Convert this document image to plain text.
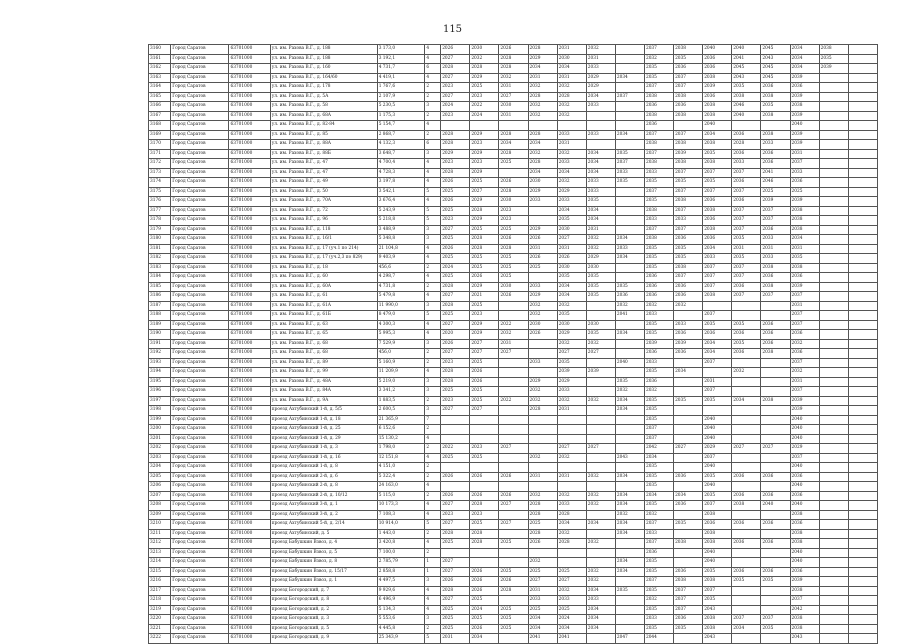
115
3160	Город Саратов	63701000	ул. им. Рахова В.Г., д. 188	3 173,0	4	2026	2030	2026	2028	2031	2032		2037	2038	2040	2040	2045	2034	2038	
3161	Город Саратов	63701000	ул. им. Рахова В.Г., д. 188	3 192,1	4	2027	2032	2028	2029	2030	2031		2032	2035	2036	2041	2043	2034	2035	
3162	Город Саратов	63701000	ул. им. Рахова В.Г., д. 160	4 731,7	6	2028	2028	2028	2034	2034	2033		2035	2036	2036	2045	2045	2034	2039	
3163	Город Саратов	63701000	ул. им. Рахова В.Г., д. 164/60	4 419,1	4	2027	2029	2032	2031	2031	2029	2034	2035	2037	2038	2043	2045	2039		
3164	Город Саратов	63701000	ул. им. Рахова В.Г., д. 178	1 767,6	2	2023	2025	2031	2032	2032	2029		2037	2037	2039	2035	2036	2036		
3165	Город Саратов	63701000	ул. им. Рахова В.Г., д. 5А	2 107,9	2	2027	2023	2027	2028	2028	2034	2037	2038	2038	2036	2038	2038	2039		
3166	Город Саратов	63701000	ул. им. Рахова В.Г., д. 58	5 230,5	3	2024	2022	2030	2032	2032	2033		2036	2036	2038	2046	2035	2038		
3167	Город Саратов	63701000	ул. им. Рахова В.Г., д. 68А	1 175,3	2	2023	2024	2031	2032	2032			2038	2038	2038	2040	2038	2039		
3168	Город Саратов	63701000	ул. им. Рахова В.Г., д. 82-84	5 154,7	4								2036		2040			2040		
3169	Город Саратов	63701000	ул. им. Рахова В.Г., д. 85	2 868,7	2	2028	2029	2028	2028	2033	2033	2034	2037	2037	2034	2036	2038	2039		
3170	Город Саратов	63701000	ул. им. Рахова В.Г., д. 88А	4 132,3	6	2028	2023	2034	2034	2031			2038	2038	2038	2028	2033	2039		
3171	Город Саратов	63701000	ул. им. Рахова В.Г., д. 88Б	3 648,7	3	2029	2029	2028	2032	2032	2034	2035	2037	2039	2035	2036	2036	2031		
3172	Город Саратов	63701000	ул. им. Рахова В.Г., д. 47	4 700,4	4	2023	2023	2025	2028	2033	2034	2037	2038	2038	2038	2033	2036	2037		
3173	Город Саратов	63701000	ул. им. Рахова В.Г., д. 47	4 728,3	4	2028	2029		2034	2034	2034	2033	2033	2037	2037	2037	2041	2033		
3174	Город Саратов	63701000	ул. им. Рахова В.Г., д. 49	3 197,8	4	2026	2025	2026	2030	2032	2033	2035	2035	2035	2035	2036	2046	2036		
3175	Город Саратов	63701000	ул. им. Рахова В.Г., д. 50	3 542,1	5	2025	2027	2028	2029	2029	2033		2037	2037	2037	2037	2025	2025		
3176	Город Саратов	63701000	ул. им. Рахова В.Г., д. 70А	3 676,4	4	2026	2029	2030	2033	2033	2035		2035	2038	2036	2036	2039	2039		
3177	Город Саратов	63701000	ул. им. Рахова В.Г., д. 72	5 243,9	5	2025	2028	2023		2034	2034		2038	2037	2038	2037	2037	2038		
3178	Город Саратов	63701000	ул. им. Рахова В.Г., д. 96	5 218,8	5	2023	2029	2023		2035	2034		2033	2033	2036	2037	2037	2038		
3179	Город Саратов	63701000	ул. им. Рахова В.Г., д. 118	3 488,9	3	2027	2025	2025	2029	2030	2031		2037	2037	2038	2037	2036	2038		
3180	Город Саратов	63701000	ул. им. Рахова В.Г., д. 16/1	5 348,8	3	2025	2028	2026	2026	2027	2032	2034	2038	2036	2036	2035	2033	2034		
3181	Город Саратов	63701000	ул. им. Рахова В.Г., д. 17 (уч.1 по 214)	21 104,8	4	2026	2028	2028	2031	2031	2032	2033	2035	2035	2034	2031	2031	2031		
3182	Город Саратов	63701000	ул. им. Рахова В.Г., д. 17 (уч.2,3 по 829)	9 403,9	4	2025	2025	2025	2026	2026	2029	2034	2035	2035	2033	2035	2033	2035		
3183	Город Саратов	63701000	ул. им. Рахова В.Г., д. 18	456,6	2	2024	2025	2025	2025	2030	2030		2035	2038	2037	2037	2038	2038		
3184	Город Саратов	63701000	ул. им. Рахова В.Г., д. 60	4 298,7	4	2025	2026	2025		2035	2035		2036	2037	2037	2037	2036	2036		
3185	Город Саратов	63701000	ул. им. Рахова В.Г., д. 60А	4 731,8	2	2028	2029	2030	2033	2034	2035	2035	2036	2036	2037	2036	2038	2039		
3186	Город Саратов	63701000	ул. им. Рахова В.Г., д. 61	5 479,8	4	2027	2021	2026	2029	2034	2035	2036	2036	2036	2038	2037	2037	2037		
3187	Город Саратов	63701000	ул. им. Рахова В.Г., д. 61А	11 990,0	3	2028	2025		2032	2032		2032	2032	2032				2031		
3188	Город Саратов	63701000	ул. им. Рахова В.Г., д. 61Б	8 479,0	5	2025	2023		2032	2035		2041	2033		2037			2037		
3189	Город Саратов	63701000	ул. им. Рахова В.Г., д. 63	4 300,3	4	2027	2029	2022	2030	2030	2030		2035	2033	2035	2035	2036	2037		
3190	Город Саратов	63701000	ул. им. Рахова В.Г., д. 65	5 995,3	4	2020	2029	2032	2026	2029	2035	2034	2035	2036	2036	2036	2036	2036		
3191	Город Саратов	63701000	ул. им. Рахова В.Г., д. 68	7 529,9	3	2026	2027	2031		2032	2032		2039	2039	2034	2035	2036	2032		
3192	Город Саратов	63701000	ул. им. Рахова В.Г., д. 68	456,0	2	2027	2027	2027		2027	2027		2036	2036	2034	2036	2038	2036		
3193	Город Саратов	63701000	ул. им. Рахова В.Г., д. 89	5 160,9	2	2023	2025		2033	2035		2040	2033		2037			2037		
3194	Город Саратов	63701000	ул. им. Рахова В.Г., д. 99	11 209,9	4	2028	2026			2039	2039		2035	2034		2032		2032		
3195	Город Саратов	63701000	ул. им. Рахова В.Г., д. 48А	5 219,0	3	2028	2026		2029	2029		2035	2036		2031			2031		
3196	Город Саратов	63701000	ул. им. Рахова В.Г., д. 84А	3 341,2	3	2025	2025		2032	2033		2032	2032		2037			2037		
3197	Город Саратов	63701000	ул. им. Рахова В.Г., д. 9А	1 883,5	2	2023	2025	2022	2032	2032	2032	2034	2035	2035	2035	2034	2038	2039		
3198	Город Саратов	63701000	проезд Ахтубинский 1-й, д. 5/5	2 600,5	3	2027	2027		2028	2031		2034	2035					2039		
3199	Город Саратов	63701000	проезд Ахтубинский 1-й, д. 18	21 365,9	7								2035		2040			2040		
3200	Город Саратов	63701000	проезд Ахтубинский 1-й, д. 25	6 152,6	2								2037		2040			2040		
3201	Город Саратов	63701000	проезд Ахтубинский 1-й, д. 29	15 130,2	4								2037		2040			2040		
3202	Город Саратов	63701000	проезд Ахтубинский 1-й, д. 3	1 798,0	2	2022	2023	2027		2027	2027		2042	2027	2029	2027	2027	2029		
3203	Город Саратов	63701000	проезд Ахтубинский 1-й, д. 16	12 151,8	4	2025	2025		2032	2032		2043	2034		2037			2037		
3204	Город Саратов	63701000	проезд Ахтубинский 1-й, д. 8	4 151,0	2								2035		2040			2040		
3205	Город Саратов	63701000	проезд Ахтубинский 2-й, д. 6	5 322,4	2	2026	2026	2026	2031	2031	2032	2034	2035	2036	2035	2036	2036	2036		
3206	Город Саратов	63701000	проезд Ахтубинский 2-й, д. 8	24 163,0	4								2035		2040			2040		
3207	Город Саратов	63701000	проезд Ахтубинский 2-й, д. 10/12	5 115,0	2	2026	2026	2026	2032	2032	2032	2034	2034	2034	2035	2036	2036	2036		
3208	Город Саратов	63701000	проезд Ахтубинский 3-й, д. 1	10 173,3	4	2027	2028	2027	2028	2033	2032	2034	2035	2036	2037	2038	2040	2040		
3209	Город Саратов	63701000	проезд Ахтубинский 3-й, д. 2	7 108,3	4	2023	2023		2028	2028		2032	2032		2038			2038		
3210	Город Саратов	63701000	проезд Ахтубинский 5-й, д. 2/14	10 914,0	5	2027	2025	2027	2025	2034	2034	2034	2037	2035	2036	2036	2036	2036		
3211	Город Саратов	63701000	проезд Ахтубинский, д. 5	1 443,0	2	2028	2028		2028	2032		2034	2033		2038			2038		
3212	Город Саратов	63701000	проезд Бабушкин Взвоз, д. 4	3 420,8	4	2025	2028	2025	2026	2028	2032		2037	2038	2038	2036	2036	2038		
3213	Город Саратов	63701000	проезд Бабушкин Взвоз, д. 5	7 100,0	2								2036		2040			2040		
3214	Город Саратов	63701000	проезд Бабушкин Взвоз, д. 8	2 785,79	1	2027			2032			2034	2035		2040			2040		
3215	Город Саратов	63701000	проезд Бабушкин Взвоз, д. 15/17	2 858,8	1	2027	2026	2025	2025	2025	2032	2034	2035	2036	2035	2036	2036	2036		
3216	Город Саратов	63701000	проезд Бабушкин Взвоз, д. 1	4 497,5	3	2026	2026	2026	2027	2027	2032		2037	2038	2038	2035	2035	2039		
3217	Город Саратов	63701000	проезд Богородский, д. 7	9 929,6	4	2028	2026	2028	2031	2032	2034	2035	2035	2037	2037			2038		
3218	Город Саратов	63701000	проезд Богородский, д. 8	6 496,9	4	2027	2025		2033	2033	2033		2032	2037	2035			2037		
3219	Город Саратов	63701000	проезд Богородский, д. 2	5 134,3	4	2025	2024	2025	2025	2025	2034		2035	2037	2043			2042		
3220	Город Саратов	63701000	проезд Богородский, д. 3	5 553,6	3	2025	2025	2025	2034	2024	2034		2033	2036	2038	2037	2037	2038		
3221	Город Саратов	63701000	проезд Богородский, д. 5	4 445,8	2	2025	2026	2025	2034	2034	2034		2035	2035	2038	2034	2035	2038		
3222	Город Саратов	63701000	проезд Богородский, д. 9	25 343,9	5	2031	2034		2041	2041		2047	2044		2043			2043		
